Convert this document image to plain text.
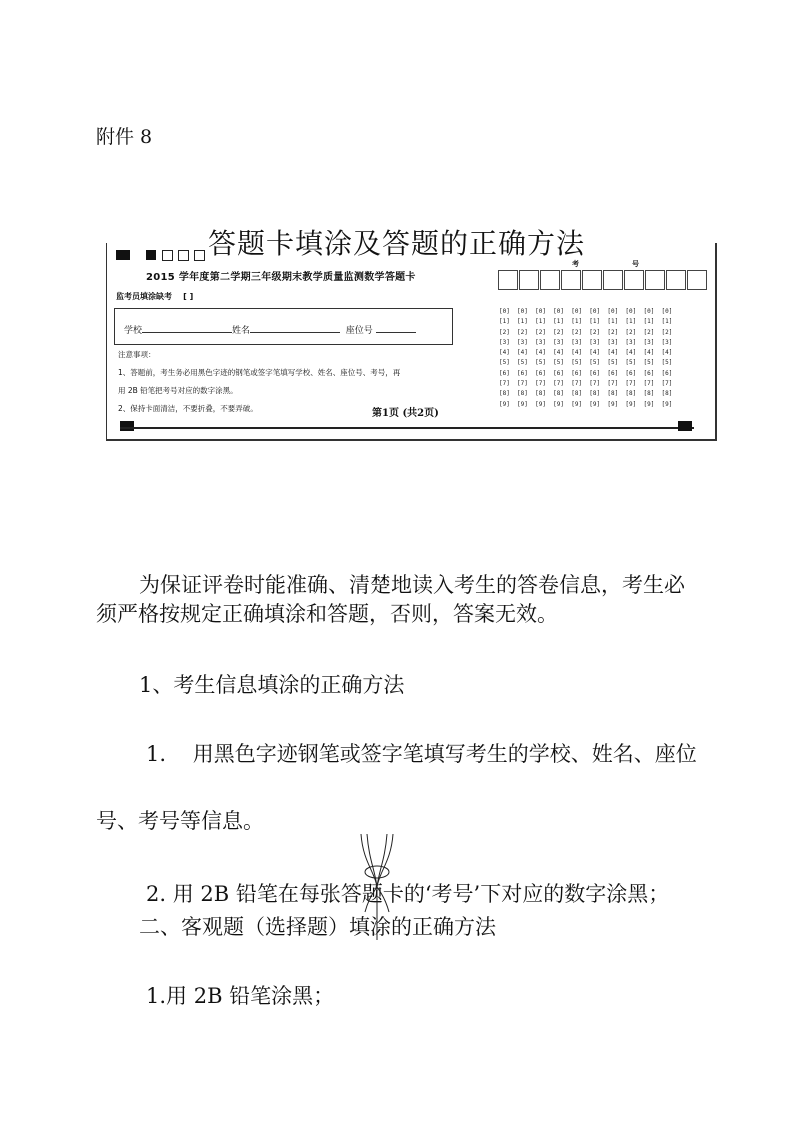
附件 8
答题卡填涂及答题的正确方法
2015 学年度第二学期三年级期末教学质量监测数学答题卡
监考员填涂缺考 [ ]
学校	姓名	座位号
注意事项：
1、答题前，考生务必用黑色字迹的钢笔或签字笔填写学校、姓名、座位号、考号，再
用 2B 铅笔把考号对应的数字涂黑。
2、保持卡面清洁，不要折叠，不要弄破。	第1页 (共2页)
考	号
[0]  [0]  [0]  [0]  [0]  [0]  [0]  [0]  [0]  [0]
[1]  [1]  [1]  [1]  [1]  [1]  [1]  [1]  [1]  [1]
[2]  [2]  [2]  [2]  [2]  [2]  [2]  [2]  [2]  [2]
[3]  [3]  [3]  [3]  [3]  [3]  [3]  [3]  [3]  [3]
[4]  [4]  [4]  [4]  [4]  [4]  [4]  [4]  [4]  [4]
[5]  [5]  [5]  [5]  [5]  [5]  [5]  [5]  [5]  [5]
[6]  [6]  [6]  [6]  [6]  [6]  [6]  [6]  [6]  [6]
[7]  [7]  [7]  [7]  [7]  [7]  [7]  [7]  [7]  [7]
[8]  [8]  [8]  [8]  [8]  [8]  [8]  [8]  [8]  [8]
[9]  [9]  [9]  [9]  [9]  [9]  [9]  [9]  [9]  [9]
为保证评卷时能准确、清楚地读入考生的答卷信息，考生必
须严格按规定正确填涂和答题，否则，答案无效。
1、考生信息填涂的正确方法
1.    用黑色字迹钢笔或签字笔填写考生的学校、姓名、座位
号、考号等信息。
2. 用 2B 铅笔在每张答题卡的‘考号’下对应的数字涂黑；
二、客观题（选择题）填涂的正确方法
1.用 2B 铅笔涂黑；
